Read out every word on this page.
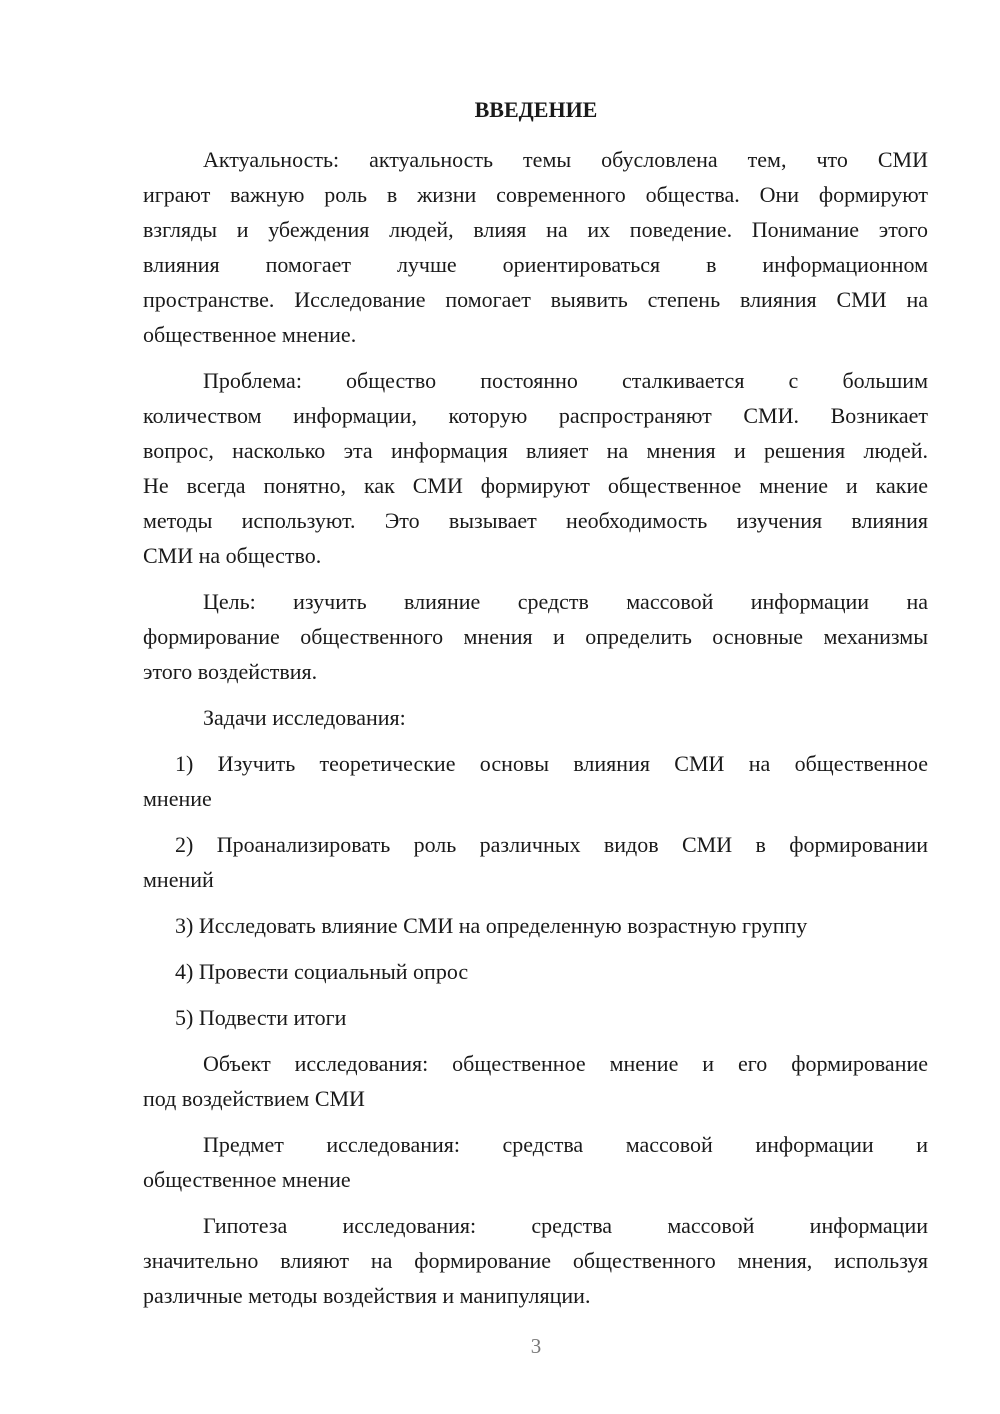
ВВЕДЕНИЕ
Актуальность: актуальность темы обусловлена тем, что СМИ
играют важную роль в жизни современного общества. Они формируют
взгляды и убеждения людей, влияя на их поведение. Понимание этого
влияния помогает лучше ориентироваться в информационном
пространстве. Исследование помогает выявить степень влияния СМИ на
общественное мнение.
Проблема: общество постоянно сталкивается с большим
количеством информации, которую распространяют СМИ. Возникает
вопрос, насколько эта информация влияет на мнения и решения людей.
Не всегда понятно, как СМИ формируют общественное мнение и какие
методы используют. Это вызывает необходимость изучения влияния
СМИ на общество.
Цель: изучить влияние средств массовой информации на
формирование общественного мнения и определить основные механизмы
этого воздействия.
Задачи исследования:
1) Изучить теоретические основы влияния СМИ на общественное
мнение
2) Проанализировать роль различных видов СМИ в формировании
мнений
3) Исследовать влияние СМИ на определенную возрастную группу
4) Провести социальный опрос
5) Подвести итоги
Объект исследования: общественное мнение и его формирование
под воздействием СМИ
Предмет исследования: средства массовой информации и
общественное мнение
Гипотеза исследования: средства массовой информации
значительно влияют на формирование общественного мнения, используя
различные методы воздействия и манипуляции.
3
